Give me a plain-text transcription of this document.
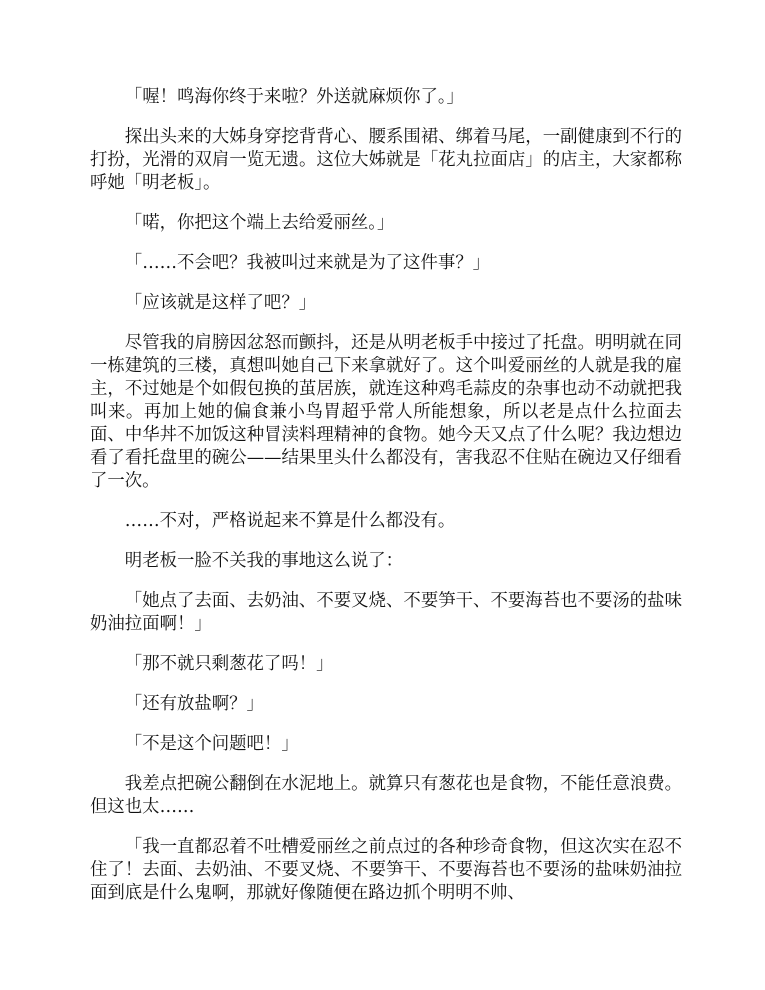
「喔！鸣海你终于来啦？外送就麻烦你了。」

探出头来的大姊身穿挖背背心、腰系围裙、绑着马尾，一副健康到不行的打扮，光滑的双肩一览无遗。这位大姊就是「花丸拉面店」的店主，大家都称呼她「明老板」。

「喏，你把这个端上去给爱丽丝。」

「……不会吧？我被叫过来就是为了这件事？」

「应该就是这样了吧？」

尽管我的肩膀因忿怒而颤抖，还是从明老板手中接过了托盘。明明就在同一栋建筑的三楼，真想叫她自己下来拿就好了。这个叫爱丽丝的人就是我的雇主，不过她是个如假包换的茧居族，就连这种鸡毛蒜皮的杂事也动不动就把我叫来。再加上她的偏食兼小鸟胃超乎常人所能想象，所以老是点什么拉面去面、中华丼不加饭这种冒渎料理精神的食物。她今天又点了什么呢？我边想边看了看托盘里的碗公——结果里头什么都没有，害我忍不住贴在碗边又仔细看了一次。

……不对，严格说起来不算是什么都没有。

明老板一脸不关我的事地这么说了：

「她点了去面、去奶油、不要叉烧、不要笋干、不要海苔也不要汤的盐味奶油拉面啊！」

「那不就只剩葱花了吗！」

「还有放盐啊？」

「不是这个问题吧！」

我差点把碗公翻倒在水泥地上。就算只有葱花也是食物，不能任意浪费。但这也太……

「我一直都忍着不吐槽爱丽丝之前点过的各种珍奇食物，但这次实在忍不住了！去面、去奶油、不要叉烧、不要笋干、不要海苔也不要汤的盐味奶油拉面到底是什么鬼啊，那就好像随便在路边抓个明明不帅、
